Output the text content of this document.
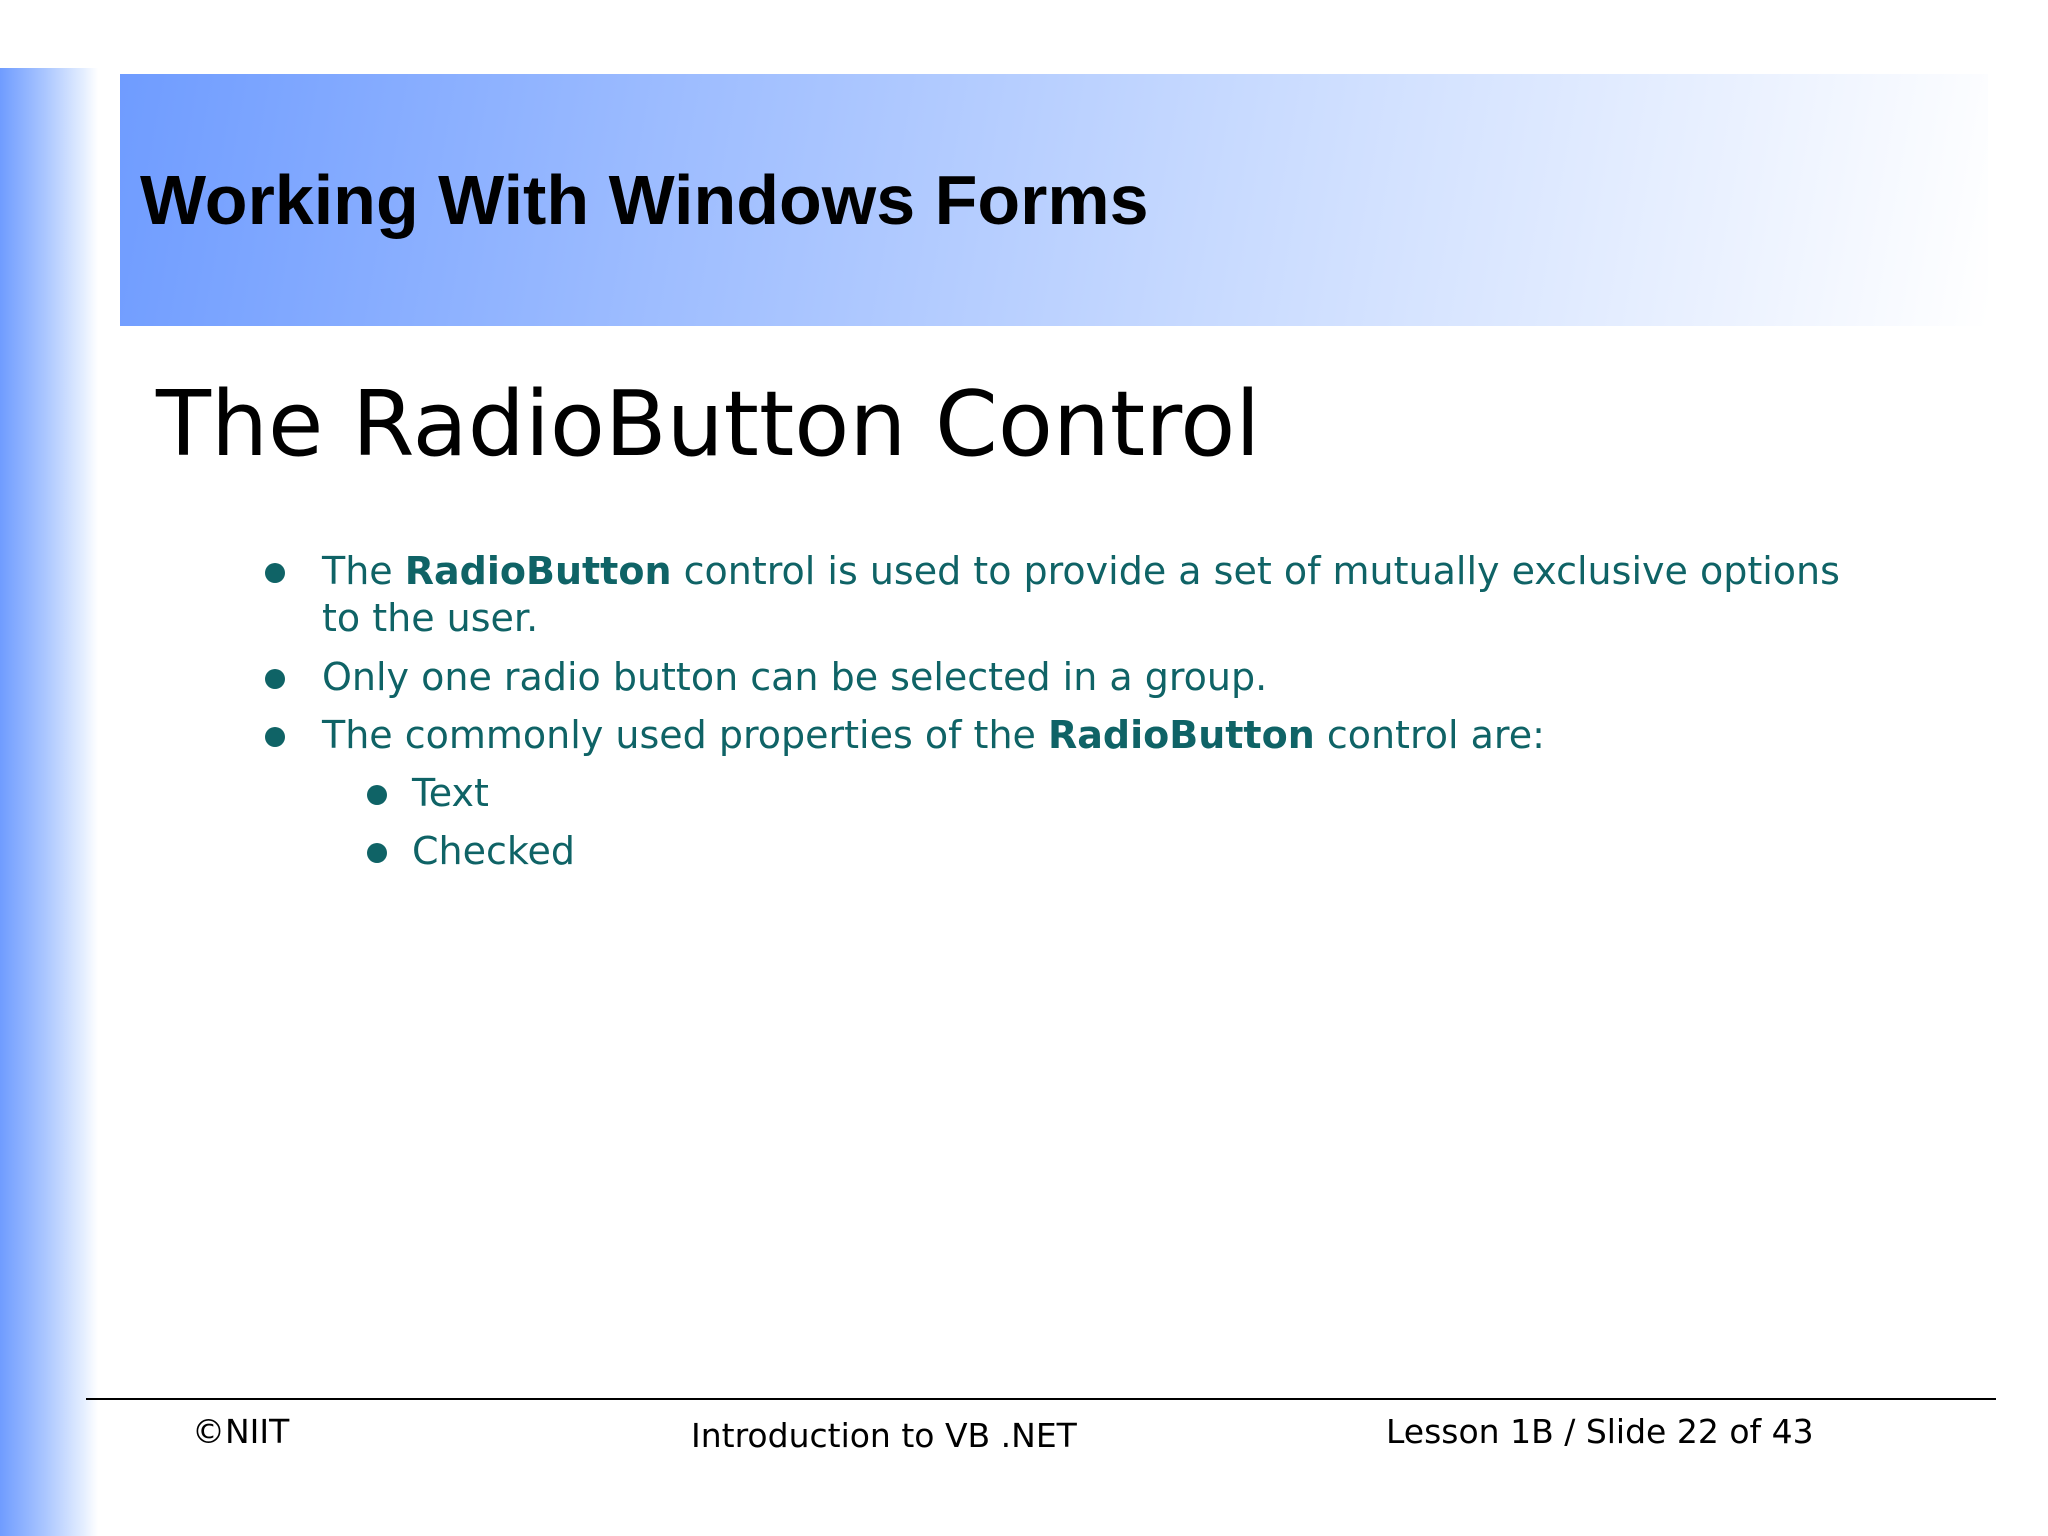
Working With Windows Forms
The RadioButton Control
The RadioButton control is used to provide a set of mutually exclusive options
to the user.
Only one radio button can be selected in a group.
The commonly used properties of the RadioButton control are:
Text
Checked
©NIIT	Introduction to VB .NET	Lesson 1B / Slide 22 of 43
